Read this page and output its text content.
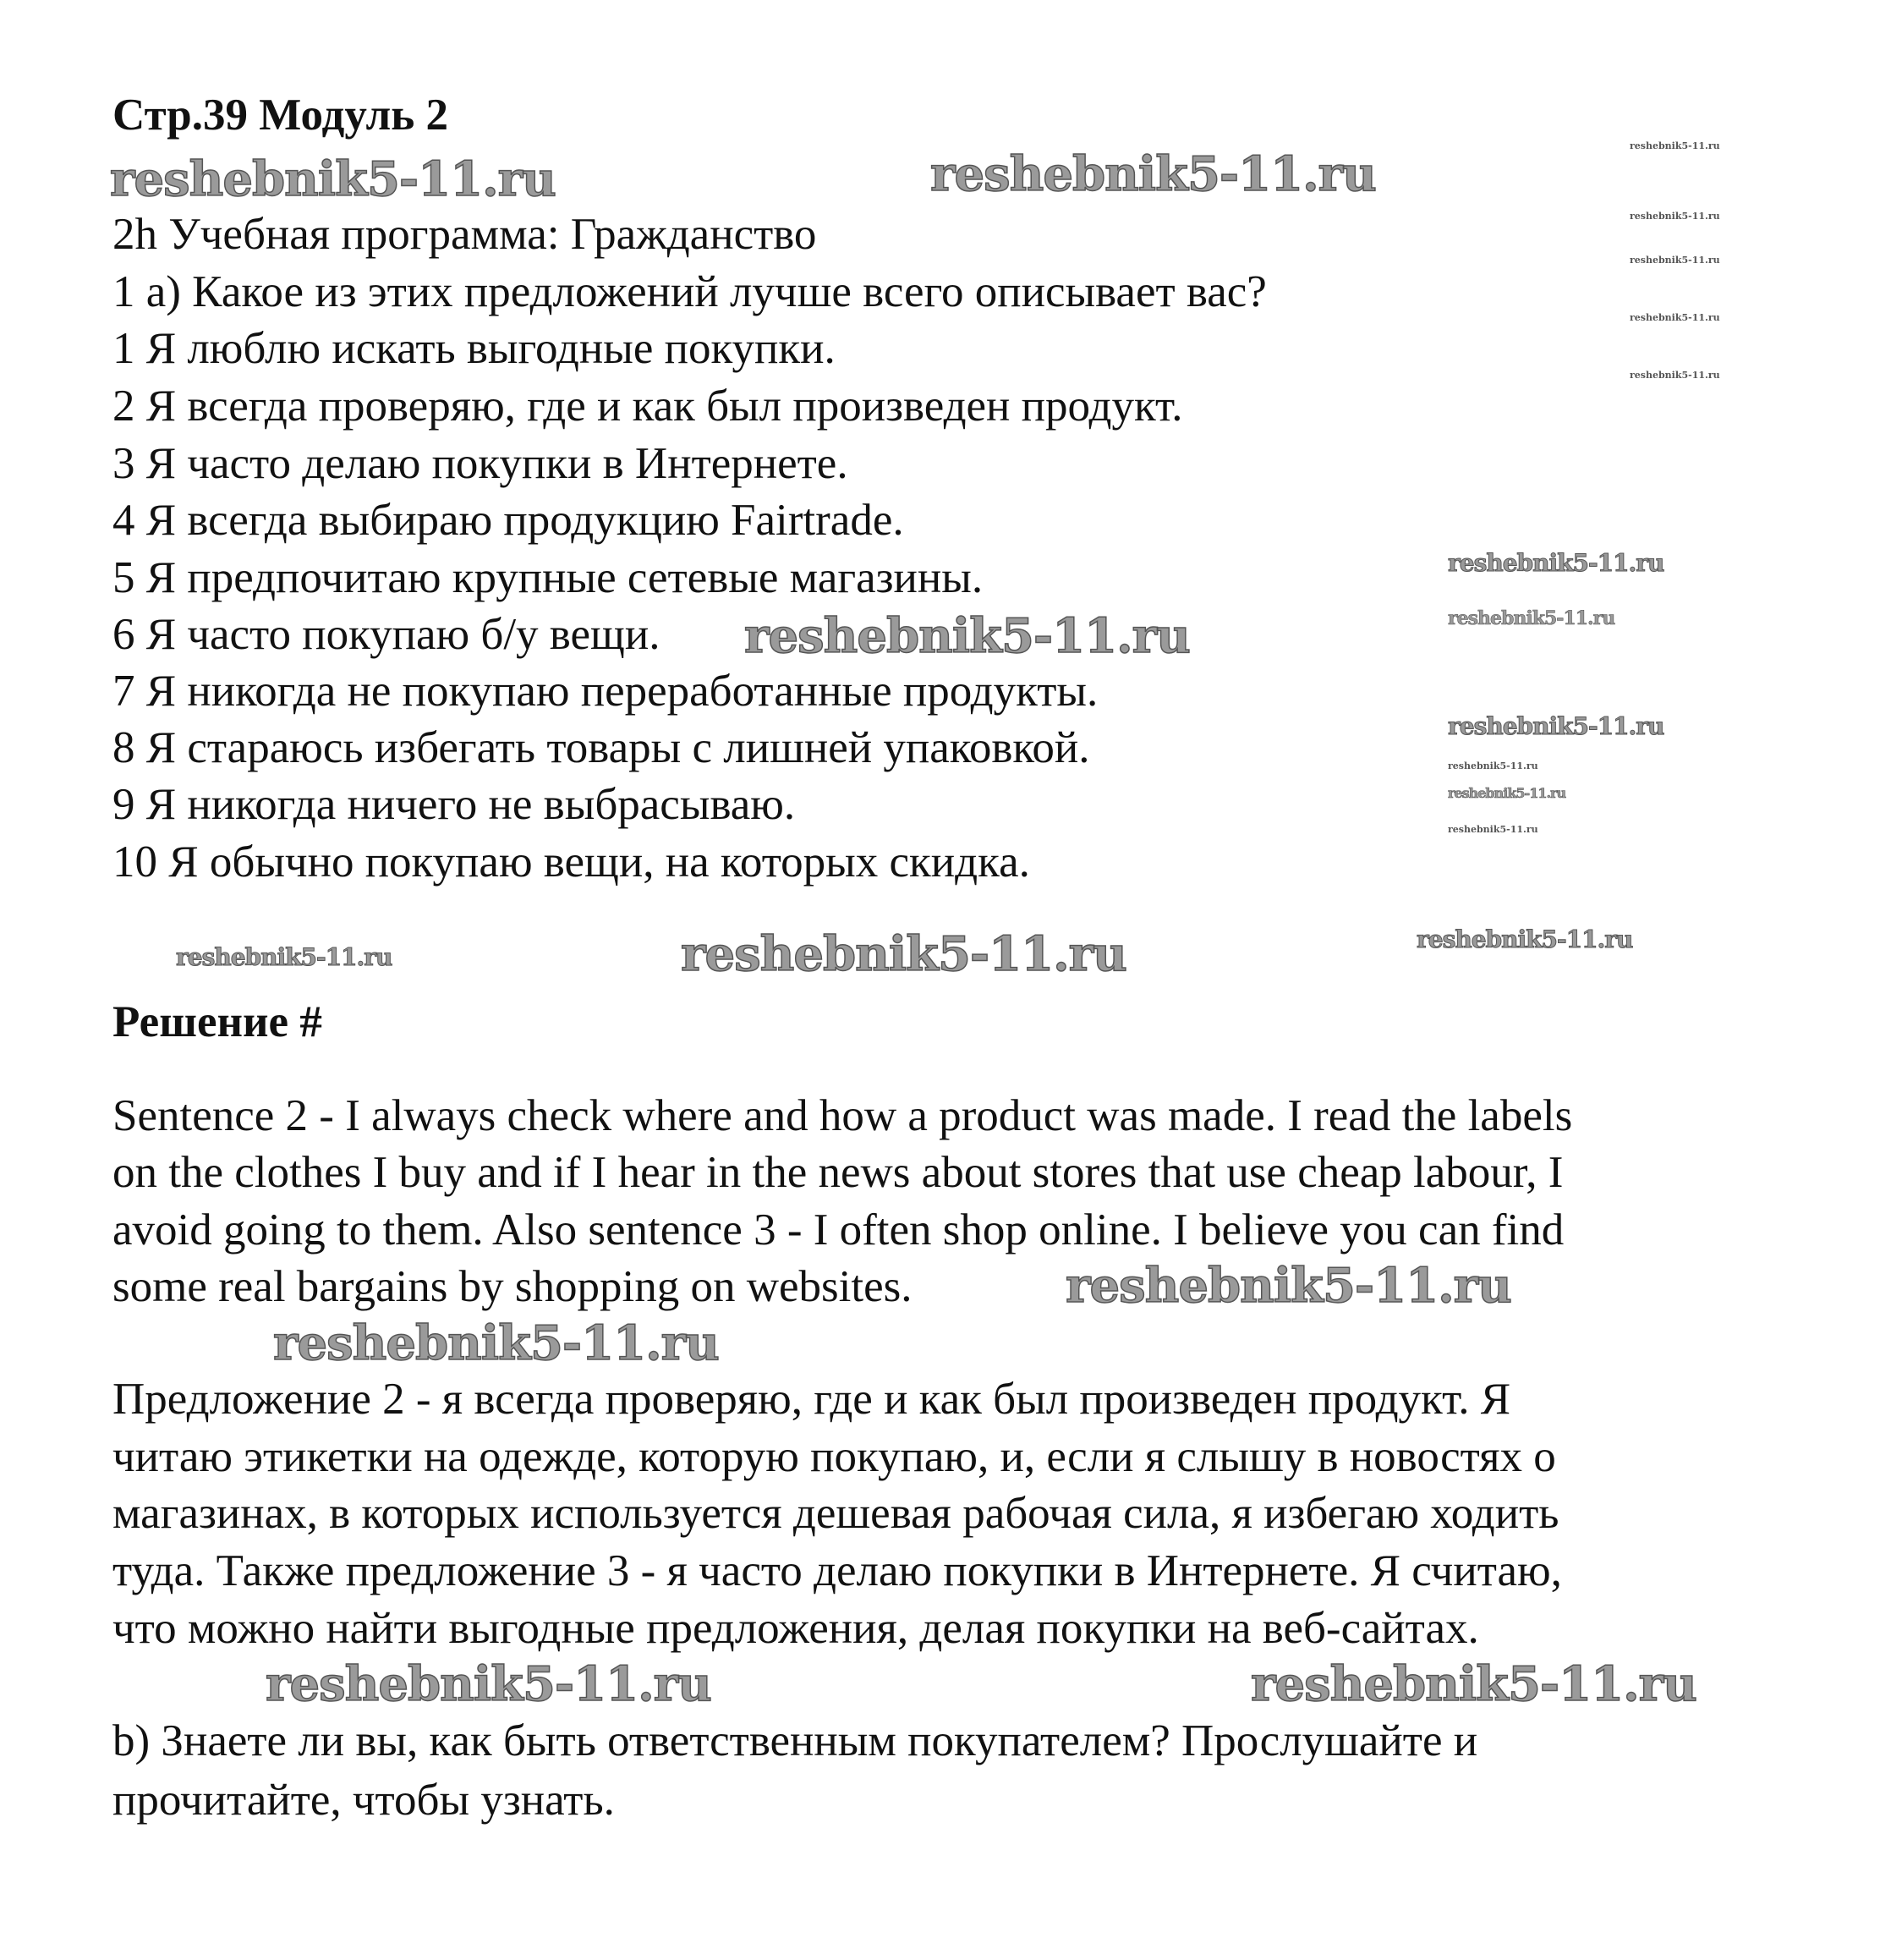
Стр.39 Модуль 2
2h Учебная программа: Гражданство
1 a) Какое из этих предложений лучше всего описывает вас?
1 Я люблю искать выгодные покупки.
2 Я всегда проверяю, где и как был произведен продукт.
3 Я часто делаю покупки в Интернете.
4 Я всегда выбираю продукцию Fairtrade.
5 Я предпочитаю крупные сетевые магазины.
6 Я часто покупаю б/у вещи.
7 Я никогда не покупаю переработанные продукты.
8 Я стараюсь избегать товары с лишней упаковкой.
9 Я никогда ничего не выбрасываю.
10 Я обычно покупаю вещи, на которых скидка.
Решение #
Sentence 2 - I always check where and how a product was made. I read the labels
on the clothes I buy and if I hear in the news about stores that use cheap labour, I
avoid going to them. Also sentence 3 - I often shop online. I believe you can find
some real bargains by shopping on websites.
Предложение 2 - я всегда проверяю, где и как был произведен продукт. Я
читаю этикетки на одежде, которую покупаю, и, если я слышу в новостях о
магазинах, в которых используется дешевая рабочая сила, я избегаю ходить
туда. Также предложение 3 - я часто делаю покупки в Интернете. Я считаю,
что можно найти выгодные предложения, делая покупки на веб-сайтах.
b) Знаете ли вы, как быть ответственным покупателем? Прослушайте и
прочитайте, чтобы узнать.
reshebnik5-11.ru	reshebnik5-11.ru
reshebnik5-11.ru
reshebnik5-11.ru
reshebnik5-11.ru
reshebnik5-11.ru
reshebnik5-11.ru
reshebnik5-11.ru
reshebnik5-11.ru
reshebnik5-11.ru
reshebnik5-11.ru
reshebnik5-11.ru
reshebnik5-11.ru
reshebnik5-11.ru
reshebnik5-11.ru	reshebnik5-11.ru
reshebnik5-11.ru
reshebnik5-11.ru
reshebnik5-11.ru
reshebnik5-11.ru	reshebnik5-11.ru
